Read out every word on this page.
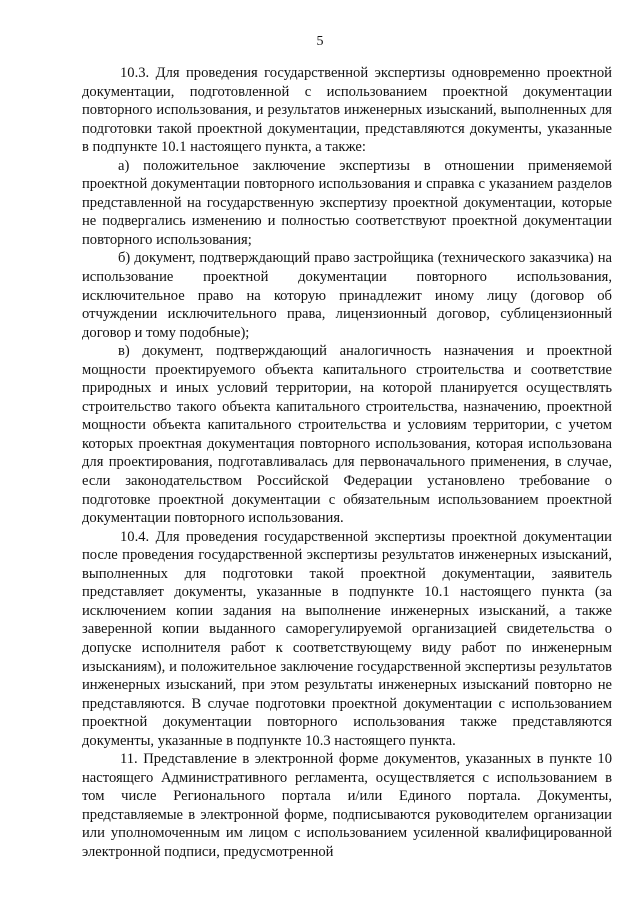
5

10.3. Для проведения государственной экспертизы одновременно проектной документации, подготовленной с использованием проектной документации повторного использования, и результатов инженерных изысканий, выполненных для подготовки такой проектной документации, представляются документы, указанные в подпункте 10.1 настоящего пункта, а также:

а) положительное заключение экспертизы в отношении применяемой проектной документации повторного использования и справка с указанием разделов представленной на государственную экспертизу проектной документации, которые не подвергались изменению и полностью соответствуют проектной документации повторного использования;

б) документ, подтверждающий право застройщика (технического заказчика) на использование проектной документации повторного использования, исключительное право на которую принадлежит иному лицу (договор об отчуждении исключительного права, лицензионный договор, сублицензионный договор и тому подобные);

в) документ, подтверждающий аналогичность назначения и проектной мощности проектируемого объекта капитального строительства и соответствие природных и иных условий территории, на которой планируется осуществлять строительство такого объекта капитального строительства, назначению, проектной мощности объекта капитального строительства и условиям территории, с учетом которых проектная документация повторного использования, которая использована для проектирования, подготавливалась для первоначального применения, в случае, если законодательством Российской Федерации установлено требование о подготовке проектной документации с обязательным использованием проектной документации повторного использования.

10.4. Для проведения государственной экспертизы проектной документации после проведения государственной экспертизы результатов инженерных изысканий, выполненных для подготовки такой проектной документации, заявитель представляет документы, указанные в подпункте 10.1 настоящего пункта (за исключением копии задания на выполнение инженерных изысканий, а также заверенной копии выданного саморегулируемой организацией свидетельства о допуске исполнителя работ к соответствующему виду работ по инженерным изысканиям), и положительное заключение государственной экспертизы результатов инженерных изысканий, при этом результаты инженерных изысканий повторно не представляются. В случае подготовки проектной документации с использованием проектной документации повторного использования также представляются документы, указанные в подпункте 10.3 настоящего пункта.

11. Представление в электронной форме документов, указанных в пункте 10 настоящего Административного регламента, осуществляется с использованием в том числе Регионального портала и/или Единого портала. Документы, представляемые в электронной форме, подписываются руководителем организации или уполномоченным им лицом с использованием усиленной квалифицированной электронной подписи, предусмотренной
